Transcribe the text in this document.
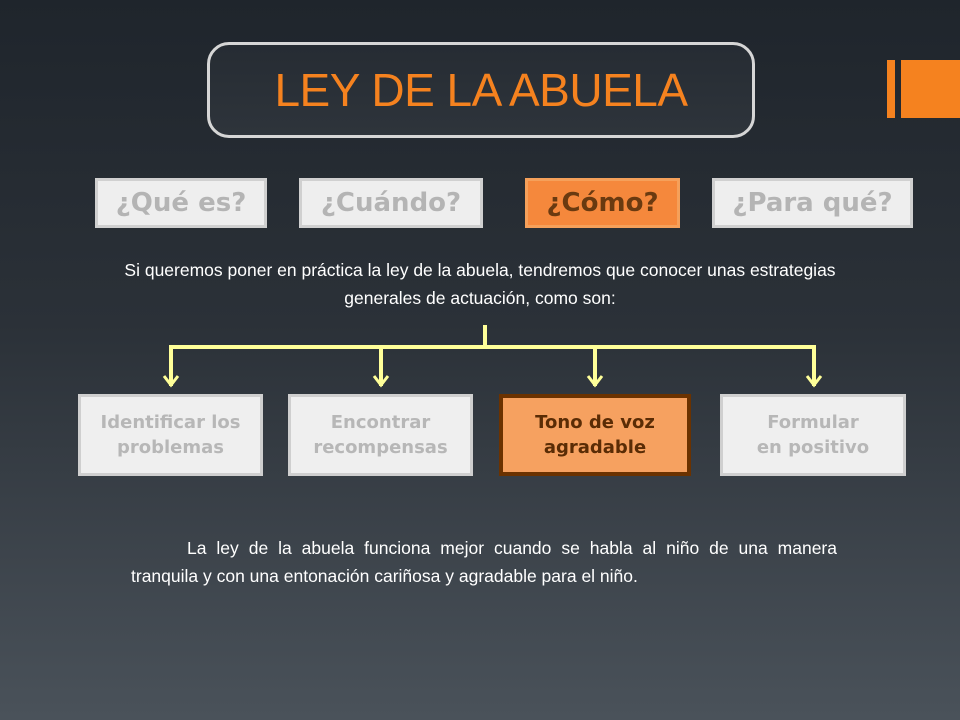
LEY DE LA ABUELA
¿Qué es?	¿Cuándo?	¿Cómo?	¿Para qué?
Si queremos poner en práctica la ley de la abuela, tendremos que conocer unas estrategias generales de actuación, como son:
Identificar los
problemas
Encontrar
recompensas
Tono de voz
agradable
Formular
en positivo
La ley de la abuela funciona mejor cuando se habla al niño de una manera tranquila y con una entonación cariñosa y agradable para el niño.
